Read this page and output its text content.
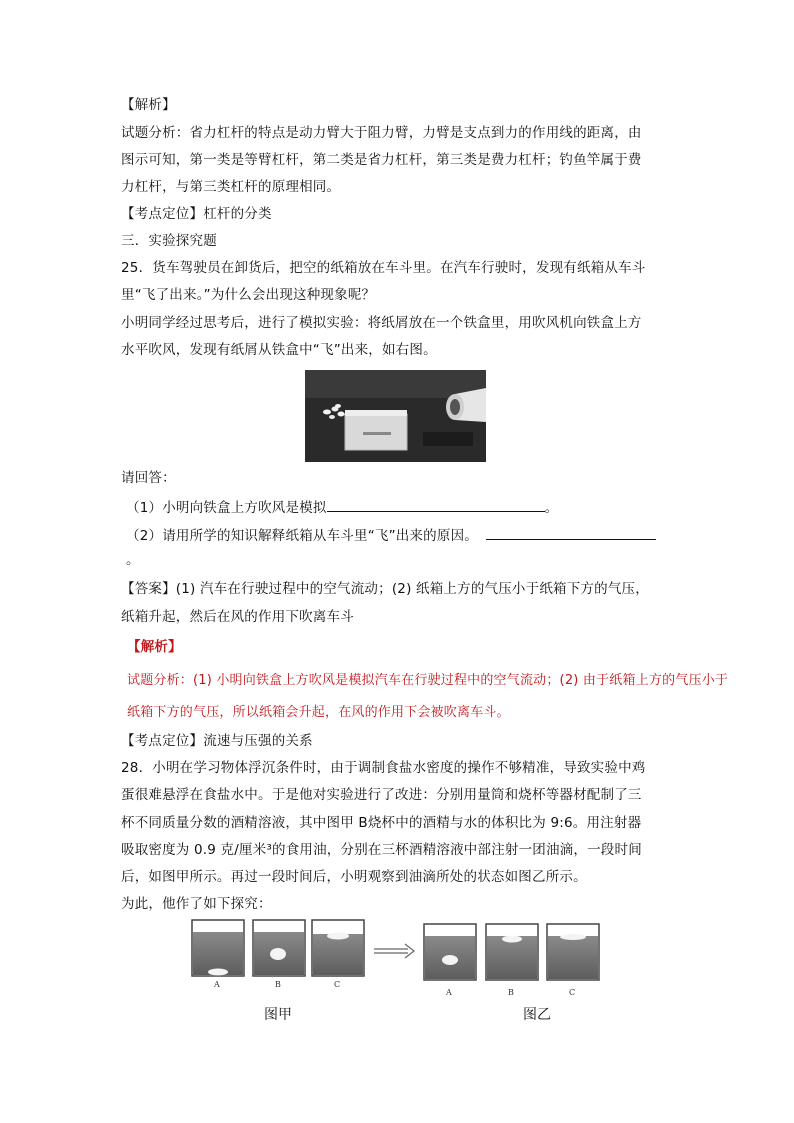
【解析】
试题分析：省力杠杆的特点是动力臂大于阻力臂，力臂是支点到力的作用线的距离，由
图示可知，第一类是等臂杠杆，第二类是省力杠杆，第三类是费力杠杆；钓鱼竿属于费
力杠杆，与第三类杠杆的原理相同。
【考点定位】杠杆的分类
三．实验探究题
25．货车驾驶员在卸货后，把空的纸箱放在车斗里。在汽车行驶时，发现有纸箱从车斗
里“飞了出来。”为什么会出现这种现象呢？
小明同学经过思考后，进行了模拟实验：将纸屑放在一个铁盒里，用吹风机向铁盒上方
水平吹风，发现有纸屑从铁盒中“飞”出来，如右图。
请回答：
（1）小明向铁盒上方吹风是模拟	。
（2）请用所学的知识解释纸箱从车斗里“飞”出来的原因。
。
【答案】(1) 汽车在行驶过程中的空气流动；(2) 纸箱上方的气压小于纸箱下方的气压，
纸箱升起，然后在风的作用下吹离车斗
【解析】
试题分析：(1) 小明向铁盒上方吹风是模拟汽车在行驶过程中的空气流动；(2) 由于纸箱上方的气压小于
纸箱下方的气压，所以纸箱会升起，在风的作用下会被吹离车斗。
【考点定位】流速与压强的关系
28．小明在学习物体浮沉条件时，由于调制食盐水密度的操作不够精准，导致实验中鸡
蛋很难悬浮在食盐水中。于是他对实验进行了改进：分别用量筒和烧杯等器材配制了三
杯不同质量分数的酒精溶液，其中图甲 B烧杯中的酒精与水的体积比为 9:6。用注射器
吸取密度为 0.9 克/厘米³的食用油，分别在三杯酒精溶液中部注射一团油滴，一段时间
后，如图甲所示。再过一段时间后，小明观察到油滴所处的状态如图乙所示。
为此，他作了如下探究：
A	B	C
A	B	C
图甲	图乙
